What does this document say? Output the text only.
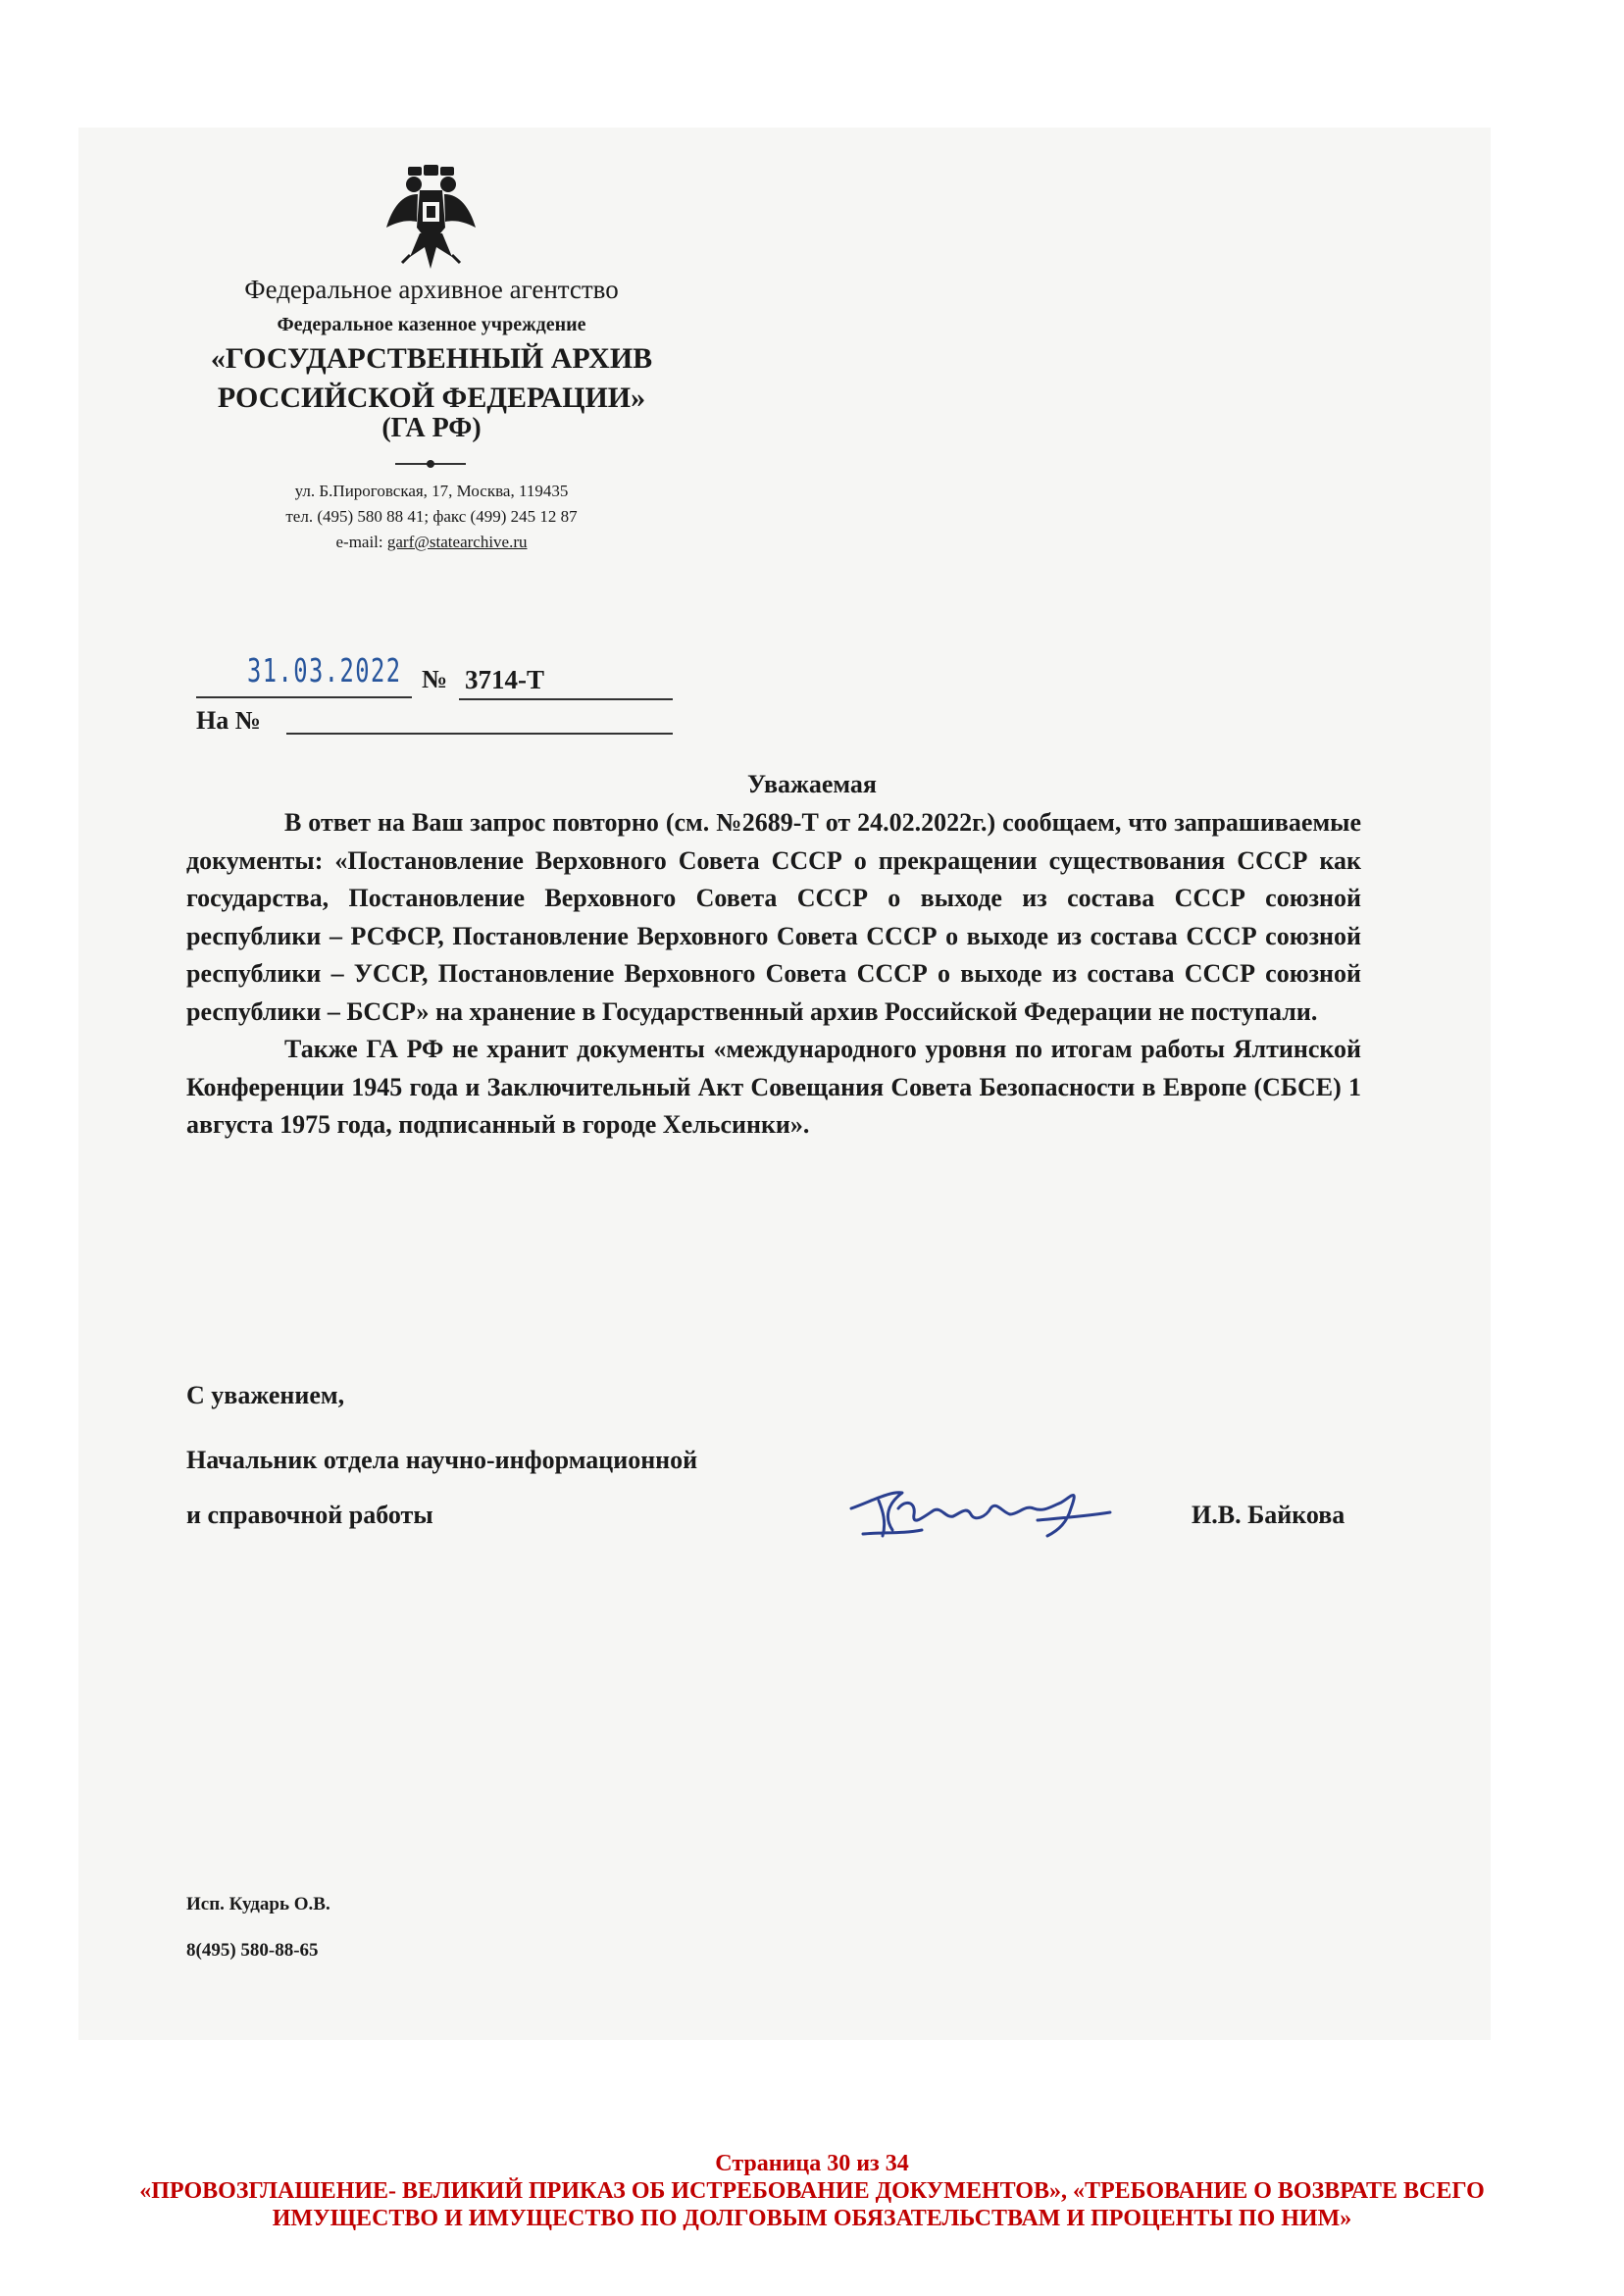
Федеральное архивное агентство
Федеральное казенное учреждение
«ГОСУДАРСТВЕННЫЙ АРХИВ
РОССИЙСКОЙ ФЕДЕРАЦИИ»
(ГА РФ)
ул. Б.Пироговская, 17, Москва, 119435
тел. (495) 580 88 41; факс (499) 245 12 87
e-mail: garf@statearchive.ru
31.03.2022 № 3714-Т
На №
Уважаемая

В ответ на Ваш запрос повторно (см. №2689-Т от 24.02.2022г.) сообщаем, что запрашиваемые документы: «Постановление Верховного Совета СССР о прекращении существования СССР как государства, Постановление Верховного Совета СССР о выходе из состава СССР союзной республики – РСФСР, Постановление Верховного Совета СССР о выходе из состава СССР союзной республики – УССР, Постановление Верховного Совета СССР о выходе из состава СССР союзной республики – БССР» на хранение в Государственный архив Российской Федерации не поступали.

Также ГА РФ не хранит документы «международного уровня по итогам работы Ялтинской Конференции 1945 года и Заключительный Акт Совещания Совета Безопасности в Европе (СБСЕ) 1 августа 1975 года, подписанный в городе Хельсинки».

С уважением,
Начальник отдела научно-информационной
и справочной работы	И.В. Байкова
Исп. Кударь О.В.
8(495) 580-88-65
Страница 30 из 34
«ПРОВОЗГЛАШЕНИЕ- ВЕЛИКИЙ ПРИКАЗ ОБ ИСТРЕБОВАНИЕ ДОКУМЕНТОВ», «ТРЕБОВАНИЕ О ВОЗВРАТЕ ВСЕГО ИМУЩЕСТВО И ИМУЩЕСТВО ПО ДОЛГОВЫМ ОБЯЗАТЕЛЬСТВАМ И ПРОЦЕНТЫ ПО НИМ»
